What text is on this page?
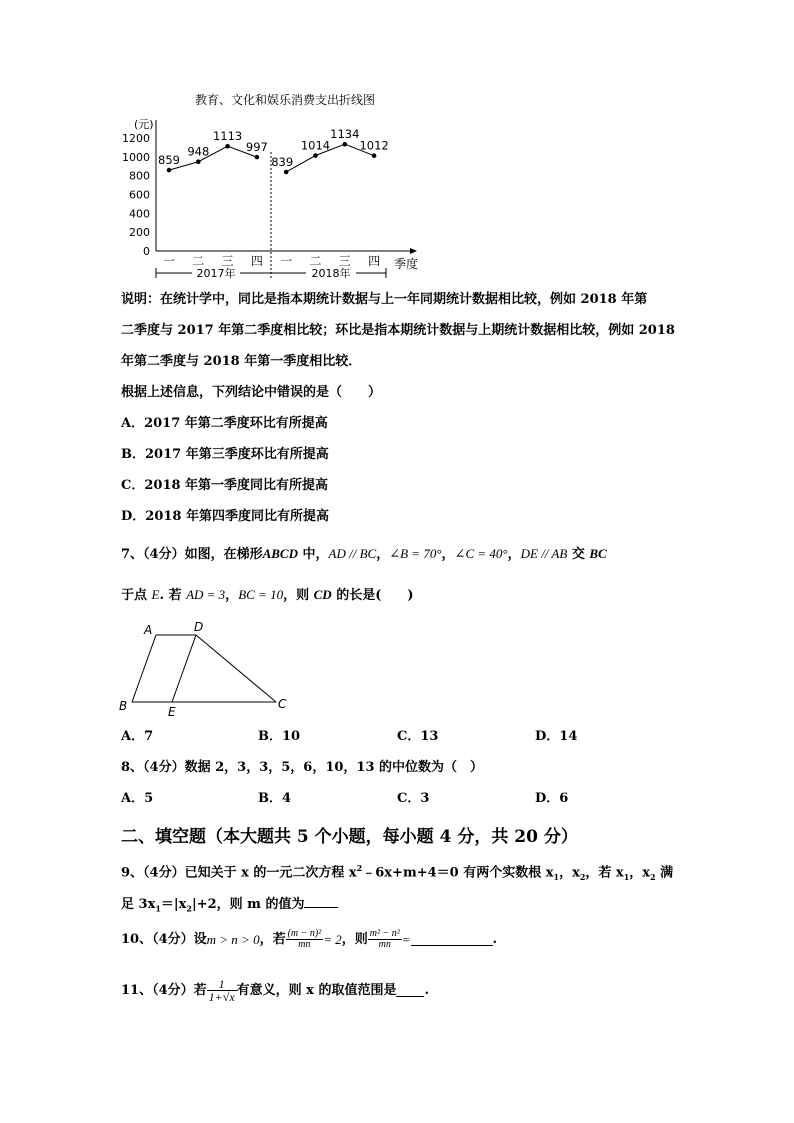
教育、文化和娱乐消费支出折线图
(元)
1200
1000
800
600
400
200
0
一 二 三 四 一 二 三 四
2017年	2018年
季度
859
948
1113
997
839
1014
1134
1012
说明：在统计学中，同比是指本期统计数据与上一年同期统计数据相比较，例如 2018 年第
二季度与 2017 年第二季度相比较；环比是指本期统计数据与上期统计数据相比较，例如 2018
年第二季度与 2018 年第一季度相比较．
根据上述信息，下列结论中错误的是（　　）
A．2017 年第二季度环比有所提高
B．2017 年第三季度环比有所提高
C．2018 年第一季度同比有所提高
D．2018 年第四季度同比有所提高
7、（4分）如图，在梯形ABCD 中，AD // BC，∠B = 70°，∠C = 40°，DE // AB 交 BC
于点 E. 若 AD = 3，BC = 10，则 CD 的长是(　　)
A	D
B	E
C
A．7	B．10	C．13	D．14
8、（4分）数据 2，3，3，5，6，10，13 的中位数为（　）
A．5	B．4	C．3	D．6
二、填空题（本大题共 5 个小题，每小题 4 分，共 20 分）
9、（4分）已知关于 x 的一元二次方程 $x^2﹣6x+m+4=0$ 有两个实数根 $x_1$，$x_2$，若 $x_1$，$x_2$ 满
足 $3x_1=|x_2|+2$，则 m 的值为
10、（4分）设 m > n > 0 ，若 $\frac{\text{(m − n)²}}{mn} = 2$ ，则 $\frac{\text{m² − n²}}{mn}$ =	.
11、（4分）若 $\frac{1}{1+√x}$ 有意义，则 x 的取值范围是 .
